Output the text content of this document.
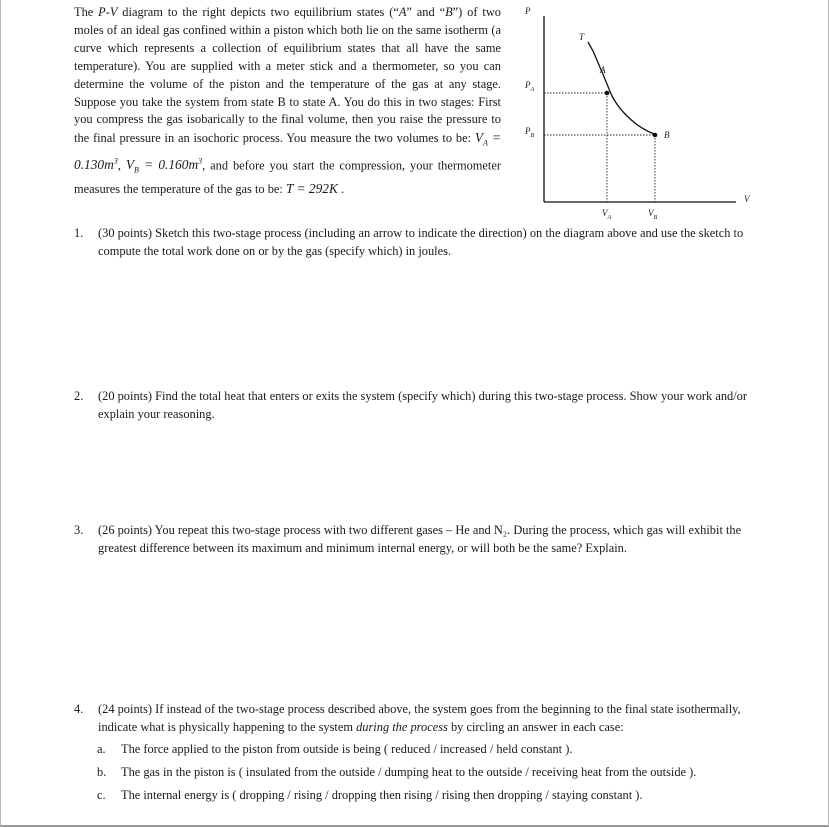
The P-V diagram to the right depicts two equilibrium states (“A” and “B”) of two moles of an ideal gas confined within a piston which both lie on the same isotherm (a curve which represents a collection of equilibrium states that all have the same temperature). You are supplied with a meter stick and a thermometer, so you can determine the volume of the piston and the temperature of the gas at any stage. Suppose you take the system from state B to state A. You do this in two stages: First you compress the gas isobarically to the final volume, then you raise the pressure to the final pressure in an isochoric process. You measure the two volumes to be: $V_A = 0.130m^3$, $V_B = 0.160m^3$, and before you start the compression, your thermometer measures the temperature of the gas to be: T = 292K .
P
V
T
A
B
$P_A$
$P_B$
$V_A$	$V_B$
1. (30 points) Sketch this two-stage process (including an arrow to indicate the direction) on the diagram above and use the sketch to compute the total work done on or by the gas (specify which) in joules.
2. (20 points) Find the total heat that enters or exits the system (specify which) during this two-stage process. Show your work and/or explain your reasoning.
3. (26 points) You repeat this two-stage process with two different gases – He and N₂. During the process, which gas will exhibit the greatest difference between its maximum and minimum internal energy, or will both be the same? Explain.
4. (24 points) If instead of the two-stage process described above, the system goes from the beginning to the final state isothermally, indicate what is physically happening to the system during the process by circling an answer in each case:
a. The force applied to the piston from outside is being ( reduced / increased / held constant ).
b. The gas in the piston is ( insulated from the outside / dumping heat to the outside / receiving heat from the outside ).
c. The internal energy is ( dropping / rising / dropping then rising / rising then dropping / staying constant ).
